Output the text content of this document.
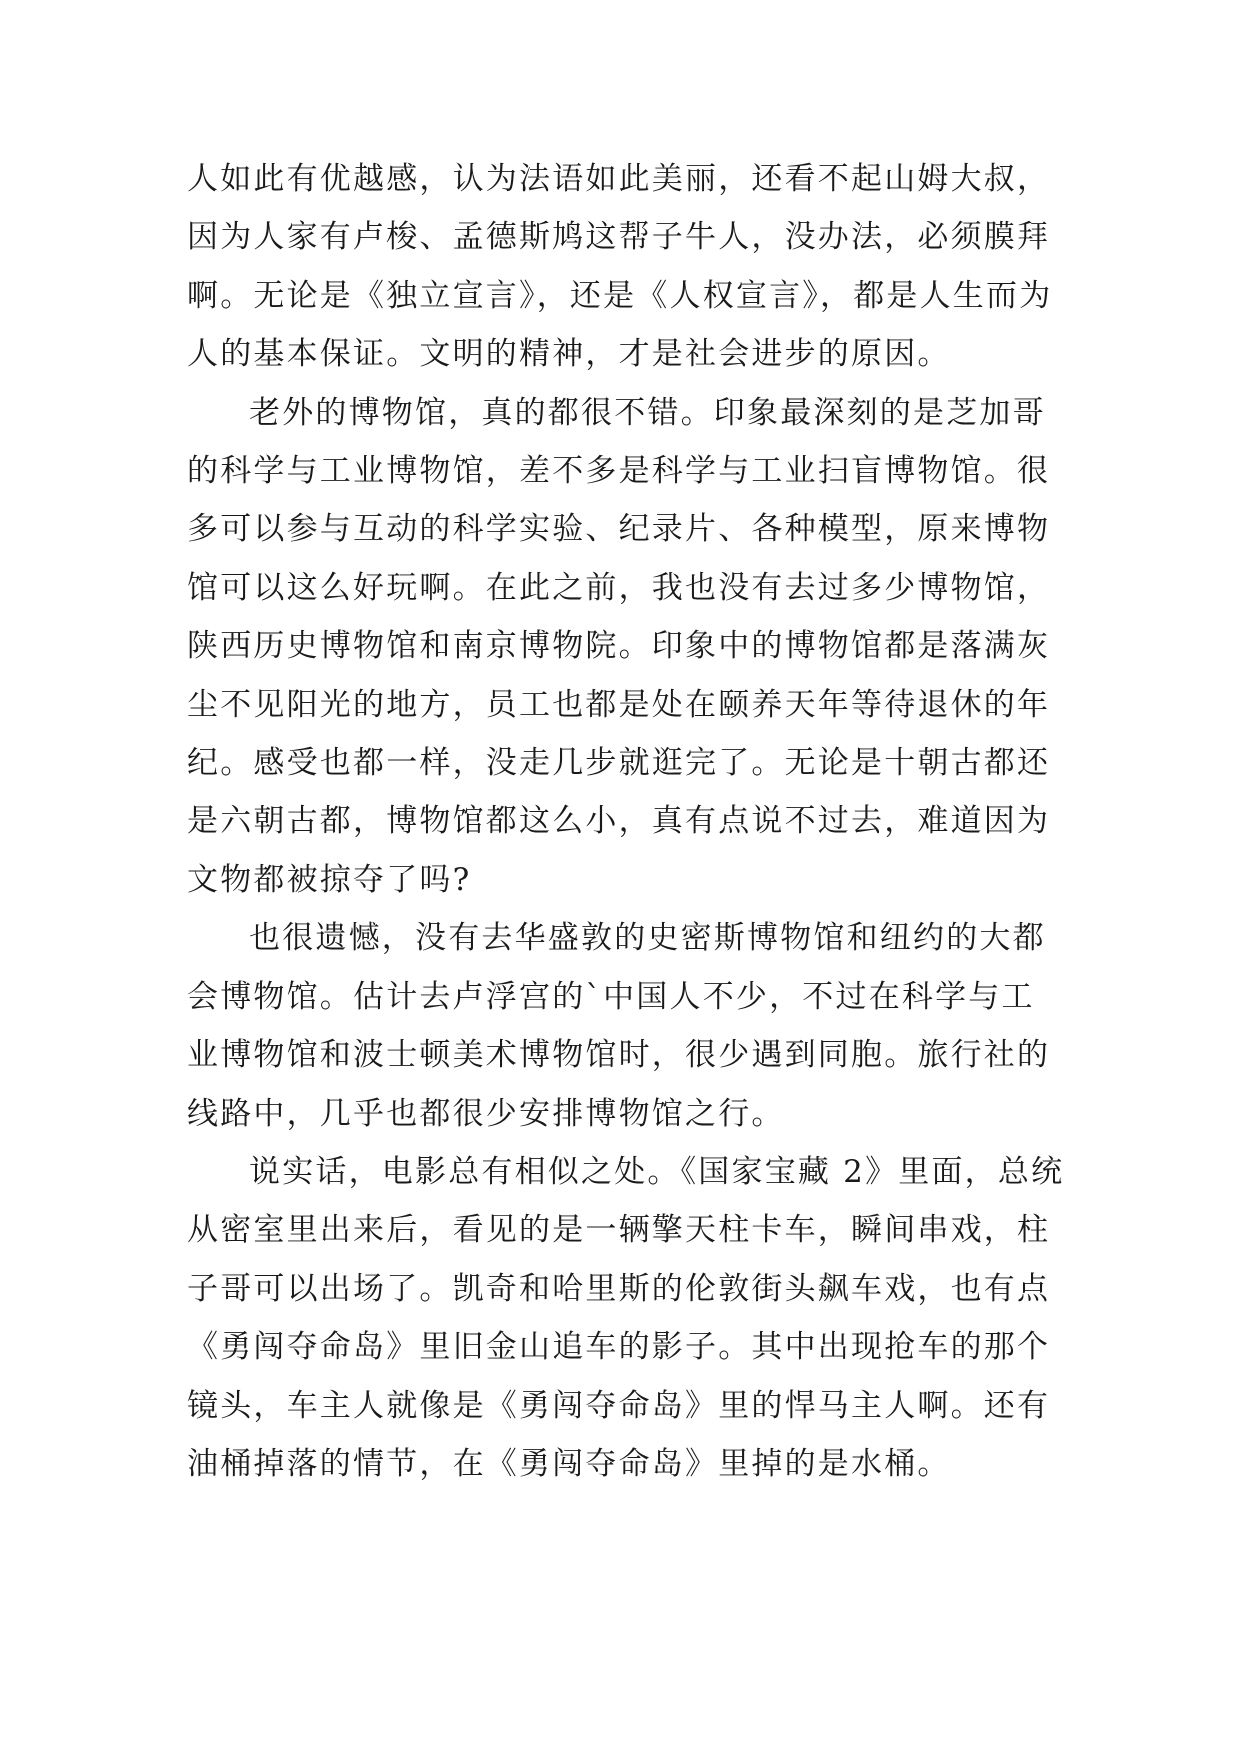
人如此有优越感，认为法语如此美丽，还看不起山姆大叔，
因为人家有卢梭、孟德斯鸠这帮子牛人，没办法，必须膜拜
啊。无论是《独立宣言》，还是《人权宣言》，都是人生而为
人的基本保证。文明的精神，才是社会进步的原因。

老外的博物馆，真的都很不错。印象最深刻的是芝加哥
的科学与工业博物馆，差不多是科学与工业扫盲博物馆。很
多可以参与互动的科学实验、纪录片、各种模型，原来博物
馆可以这么好玩啊。在此之前，我也没有去过多少博物馆，
陕西历史博物馆和南京博物院。印象中的博物馆都是落满灰
尘不见阳光的地方，员工也都是处在颐养天年等待退休的年
纪。感受也都一样，没走几步就逛完了。无论是十朝古都还
是六朝古都，博物馆都这么小，真有点说不过去，难道因为
文物都被掠夺了吗?

也很遗憾，没有去华盛敦的史密斯博物馆和纽约的大都
会博物馆。估计去卢浮宫的`中国人不少，不过在科学与工
业博物馆和波士顿美术博物馆时，很少遇到同胞。旅行社的
线路中，几乎也都很少安排博物馆之行。

说实话，电影总有相似之处。《国家宝藏 2》里面，总统
从密室里出来后，看见的是一辆擎天柱卡车，瞬间串戏，柱
子哥可以出场了。凯奇和哈里斯的伦敦街头飙车戏，也有点
《勇闯夺命岛》里旧金山追车的影子。其中出现抢车的那个
镜头，车主人就像是《勇闯夺命岛》里的悍马主人啊。还有
油桶掉落的情节，在《勇闯夺命岛》里掉的是水桶。
